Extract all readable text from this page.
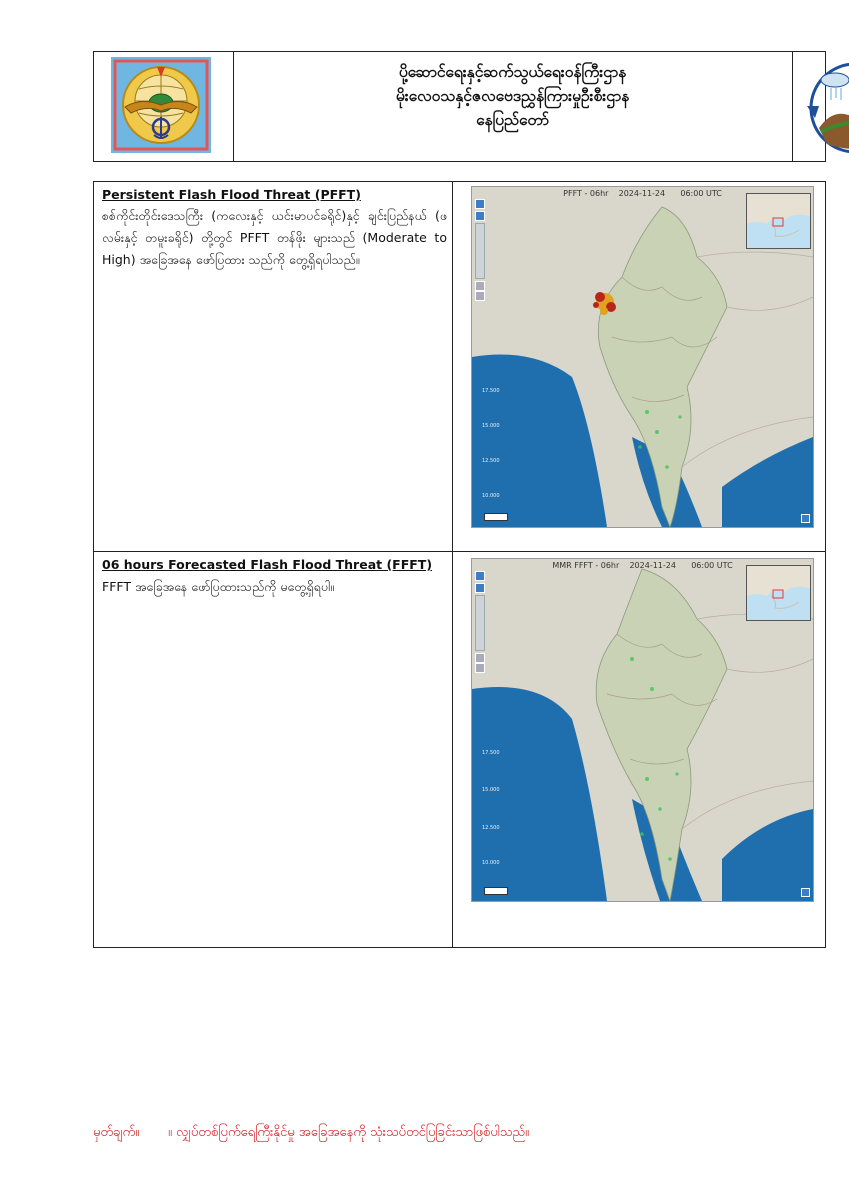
ပို့ဆောင်ရေးနှင့်ဆက်သွယ်ရေးဝန်ကြီးဌာန
မိုးလေဝသနှင့်ဇလဗေဒညွှန်ကြားမှုဦးစီးဌာန
နေပြည်တော်
Persistent Flash Flood Threat (PFFT)
စစ်ကိုင်းတိုင်းဒေသကြီး (ကလေးနှင့် ယင်းမာပင်ခရိုင်)နှင့် ချင်းပြည်နယ် (ဖလမ်းနှင့် တမူးခရိုင်) တို့တွင် PFFT တန်ဖိုး များသည် (Moderate to High) အခြေအနေ ဖော်ပြထား သည်ကို တွေ့ရှိရပါသည်။
06 hours Forecasted Flash Flood Threat (FFFT)
FFFT အခြေအနေ ဖော်ပြထားသည်ကို မတွေ့ရှိရပါ။
17.500
15.000
12.500
10.000
PFFT - 06hr    2024-11-24      06:00 UTC
17.500
15.000
12.500
10.000
MMR FFFT - 06hr    2024-11-24      06:00 UTC
မှတ်ချက်။       ။ လျှပ်တစ်ပြက်ရေကြီးနိုင်မှု အခြေအနေကို သုံးသပ်တင်ပြခြင်းသာဖြစ်ပါသည်။
